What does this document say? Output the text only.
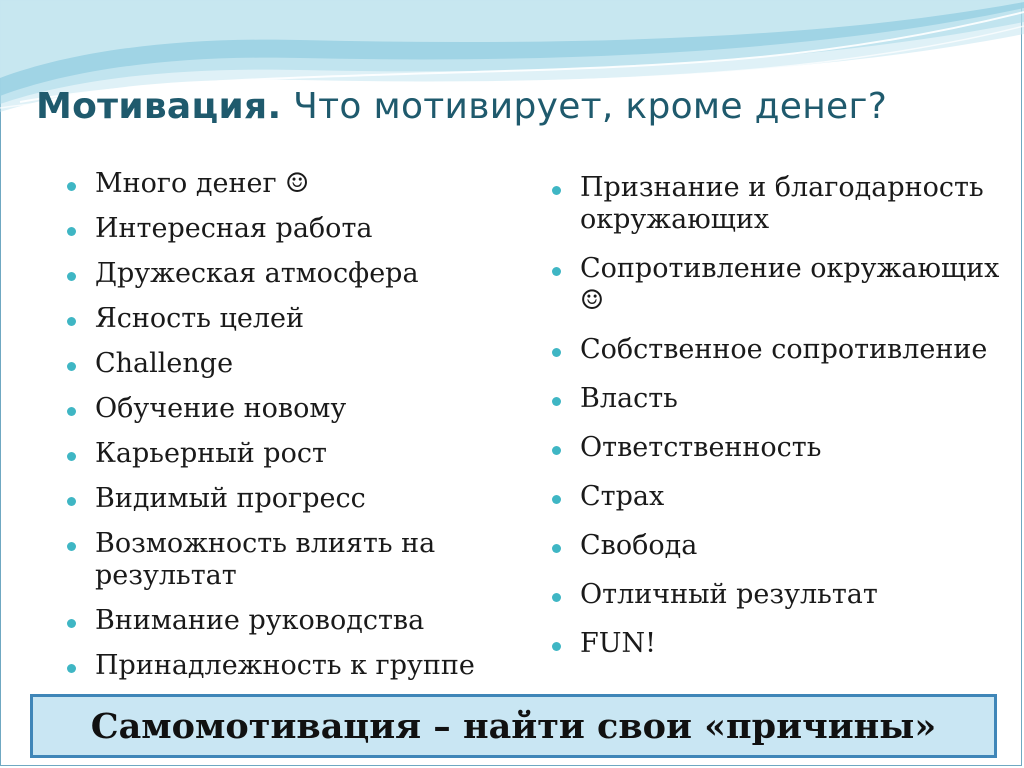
Мотивация. Что мотивирует, кроме денег?
Много денег ☺
Интересная работа
Дружеская атмосфера
Ясность целей
Challenge
Обучение новому
Карьерный рост
Видимый прогресс
Возможность влиять на результат
Внимание руководства
Принадлежность к группе
Признание и благодарность окружающих
Сопротивление окружающих ☺
Собственное сопротивление
Власть
Ответственность
Страх
Свобода
Отличный результат
FUN!
Самомотивация – найти свои «причины»
